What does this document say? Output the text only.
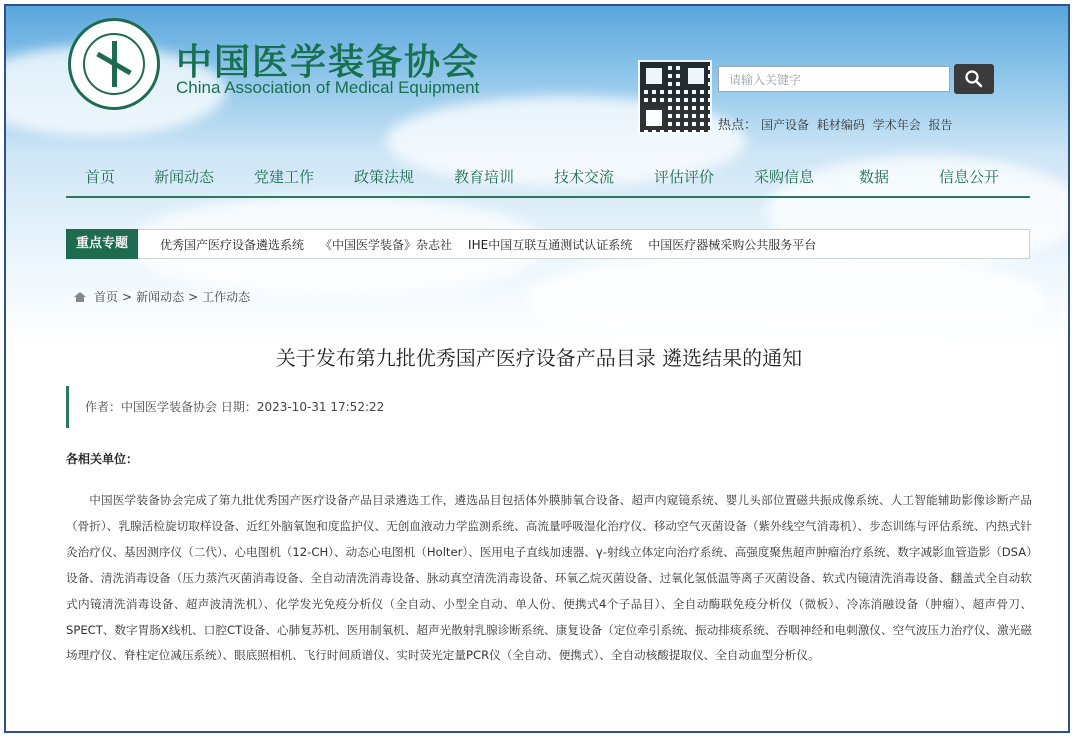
中国医学装备协会
China Association of Medical Equipment	请输入关键字
热点： 国产设备 耗材编码 学术年会 报告
首页	新闻动态	党建工作	政策法规	教育培训	技术交流	评估评价	采购信息	数据	信息公开
重点专题	优秀国产医疗设备遴选系统 《中国医学装备》杂志社 IHE中国互联互通测试认证系统 中国医疗器械采购公共服务平台
首页 > 新闻动态 > 工作动态
关于发布第九批优秀国产医疗设备产品目录 遴选结果的通知
作者：中国医学装备协会 日期：2023-10-31 17:52:22
各相关单位：
中国医学装备协会完成了第九批优秀国产医疗设备产品目录遴选工作，遴选品目包括体外膜肺氧合设备、超声内窥镜系统、婴儿头部位置磁共振成像系统、人工智能辅助影像诊断产品（骨折）、乳腺活检旋切取样设备、近红外脑氧饱和度监护仪、无创血液动力学监测系统、高流量呼吸湿化治疗仪、移动空气灭菌设备（紫外线空气消毒机）、步态训练与评估系统、内热式针灸治疗仪、基因测序仪（二代）、心电图机（12-CH）、动态心电图机（Holter）、医用电子直线加速器、γ-射线立体定向治疗系统、高强度聚焦超声肿瘤治疗系统、数字减影血管造影（DSA）设备、清洗消毒设备（压力蒸汽灭菌消毒设备、全自动清洗消毒设备、脉动真空清洗消毒设备、环氧乙烷灭菌设备、过氧化氢低温等离子灭菌设备、软式内镜清洗消毒设备、翻盖式全自动软式内镜清洗消毒设备、超声波清洗机）、化学发光免疫分析仪（全自动、小型全自动、单人份、便携式4个子品目）、全自动酶联免疫分析仪（微板）、冷冻消融设备（肿瘤）、超声骨刀、SPECT、数字胃肠X线机、口腔CT设备、心肺复苏机、医用制氧机、超声光散射乳腺诊断系统、康复设备（定位牵引系统、振动排痰系统、吞咽神经和电刺激仪、空气波压力治疗仪、激光磁场理疗仪、脊柱定位减压系统）、眼底照相机、飞行时间质谱仪、实时荧光定量PCR仪（全自动、便携式）、全自动核酸提取仪、全自动血型分析仪。
